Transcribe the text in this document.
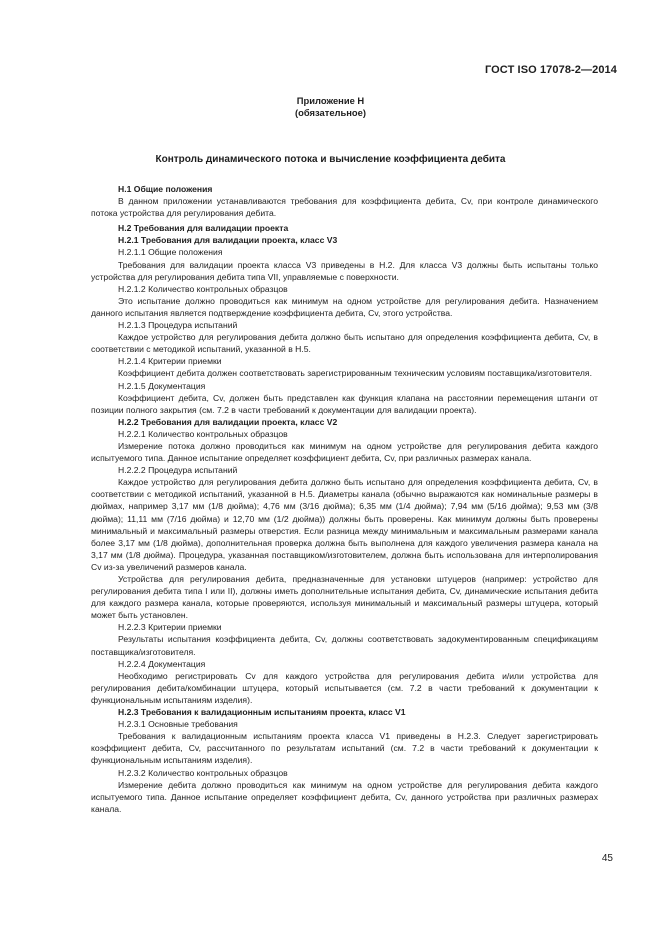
ГОСТ ISO 17078-2—2014
Приложение Н
(обязательное)
Контроль динамического потока и вычисление коэффициента дебита

Н.1 Общие положения

В данном приложении устанавливаются требования для коэффициента дебита, Cv, при контроле динамического потока устройства для регулирования дебита.

Н.2 Требования для валидации проекта

Н.2.1 Требования для валидации проекта, класс V3

Н.2.1.1 Общие положения

Требования для валидации проекта класса V3 приведены в Н.2. Для класса V3 должны быть испытаны только устройства для регулирования дебита типа VII, управляемые с поверхности.

Н.2.1.2 Количество контрольных образцов

Это испытание должно проводиться как минимум на одном устройстве для регулирования дебита. Назначением данного испытания является подтверждение коэффициента дебита, Cv, этого устройства.

Н.2.1.3 Процедура испытаний

Каждое устройство для регулирования дебита должно быть испытано для определения коэффициента дебита, Cv, в соответствии с методикой испытаний, указанной в Н.5.

Н.2.1.4 Критерии приемки

Коэффициент дебита должен соответствовать зарегистрированным техническим условиям поставщика/изготовителя.

Н.2.1.5 Документация

Коэффициент дебита, Cv, должен быть представлен как функция клапана на расстоянии перемещения штанги от позиции полного закрытия (см. 7.2 в части требований к документации для валидации проекта).

Н.2.2 Требования для валидации проекта, класс V2

Н.2.2.1 Количество контрольных образцов

Измерение потока должно проводиться как минимум на одном устройстве для регулирования дебита каждого испытуемого типа. Данное испытание определяет коэффициент дебита, Cv, при различных размерах канала.

Н.2.2.2 Процедура испытаний

Каждое устройство для регулирования дебита должно быть испытано для определения коэффициента дебита, Cv, в соответствии с методикой испытаний, указанной в Н.5. Диаметры канала (обычно выражаются как номинальные размеры в дюймах, например 3,17 мм (1/8 дюйма); 4,76 мм (3/16 дюйма); 6,35 мм (1/4 дюйма); 7,94 мм (5/16 дюйма); 9,53 мм (3/8 дюйма); 11,11 мм (7/16 дюйма) и 12,70 мм (1/2 дюйма)) должны быть проверены. Как минимум должны быть проверены минимальный и максимальный размеры отверстия. Если разница между минимальным и максимальным размерами канала более 3,17 мм (1/8 дюйма), дополнительная проверка должна быть выполнена для каждого увеличения размера канала на 3,17 мм (1/8 дюйма). Процедура, указанная поставщиком/изготовителем, должна быть использована для интерполирования Cv из-за увеличений размеров канала.

Устройства для регулирования дебита, предназначенные для установки штуцеров (например: устройство для регулирования дебита типа I или II), должны иметь дополнительные испытания дебита, Cv, динамические испытания дебита для каждого размера канала, которые проверяются, используя минимальный и максимальный размеры штуцера, который может быть установлен.

Н.2.2.3 Критерии приемки

Результаты испытания коэффициента дебита, Cv, должны соответствовать задокументированным спецификациям поставщика/изготовителя.

Н.2.2.4 Документация

Необходимо регистрировать Cv для каждого устройства для регулирования дебита и/или устройства для регулирования дебита/комбинации штуцера, который испытывается (см. 7.2 в части требований к документации к функциональным испытаниям изделия).

Н.2.3 Требования к валидационным испытаниям проекта, класс V1

Н.2.3.1 Основные требования

Требования к валидационным испытаниям проекта класса V1 приведены в Н.2.3. Следует зарегистрировать коэффициент дебита, Cv, рассчитанного по результатам испытаний (см. 7.2 в части требований к документации к функциональным испытаниям изделия).

Н.2.3.2 Количество контрольных образцов

Измерение дебита должно проводиться как минимум на одном устройстве для регулирования дебита каждого испытуемого типа. Данное испытание определяет коэффициент дебита, Cv, данного устройства при различных размерах канала.

45
